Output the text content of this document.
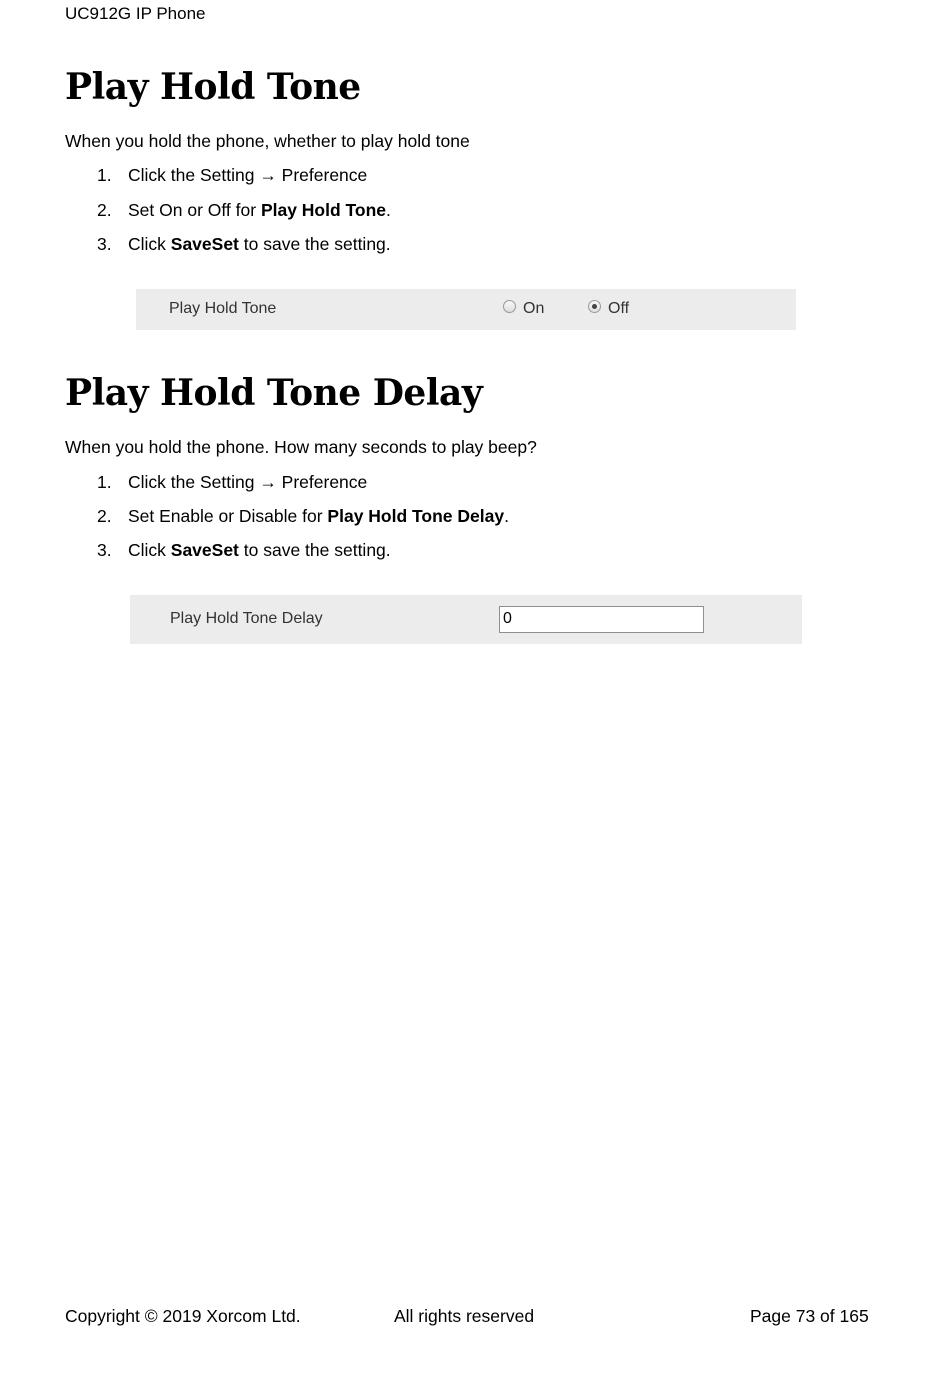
UC912G IP Phone
Play Hold Tone
When you hold the phone, whether to play hold tone
1. Click the Setting → Preference
2. Set On or Off for Play Hold Tone.
3. Click SaveSet to save the setting.
Play Hold Tone	On	Off
Play Hold Tone Delay
When you hold the phone. How many seconds to play beep?
1. Click the Setting → Preference
2. Set Enable or Disable for Play Hold Tone Delay.
3. Click SaveSet to save the setting.
Play Hold Tone Delay	0
Copyright © 2019 Xorcom Ltd.	All rights reserved	Page 73 of 165
